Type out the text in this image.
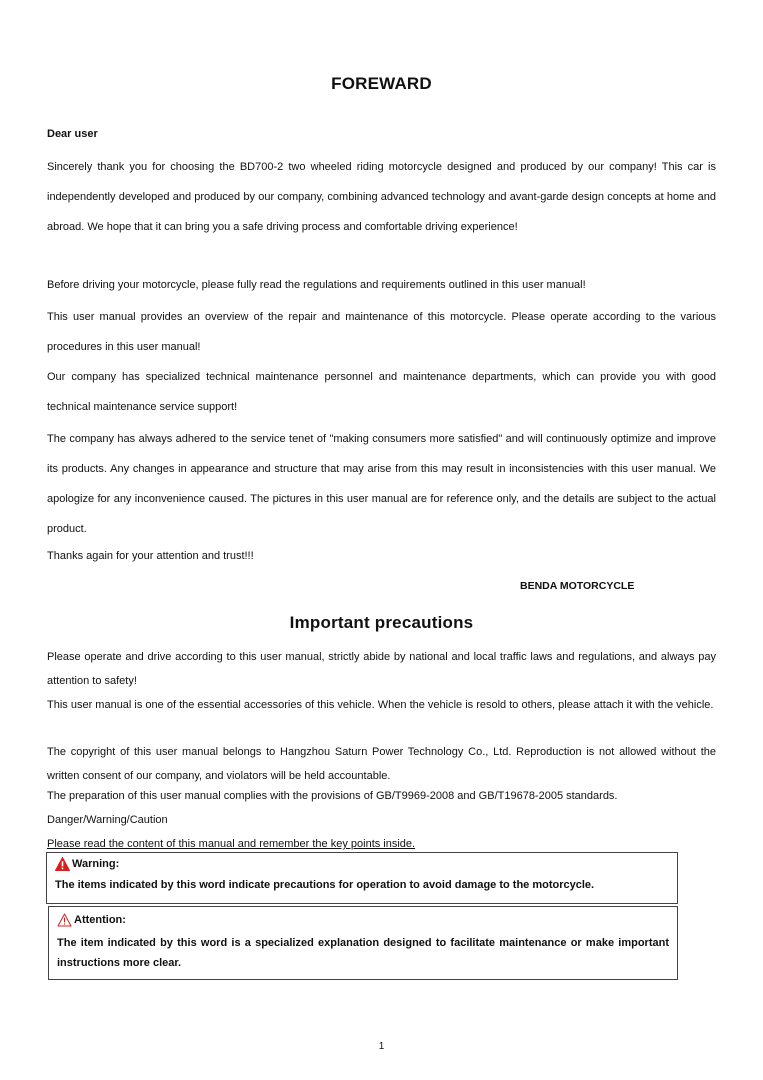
FOREWARD
Dear user
Sincerely thank you for choosing the BD700-2 two wheeled riding motorcycle designed and produced by our company! This car is independently developed and produced by our company, combining advanced technology and avant-garde design concepts at home and abroad. We hope that it can bring you a safe driving process and comfortable driving experience!
Before driving your motorcycle, please fully read the regulations and requirements outlined in this user manual!
This user manual provides an overview of the repair and maintenance of this motorcycle. Please operate according to the various procedures in this user manual!
Our company has specialized technical maintenance personnel and maintenance departments, which can provide you with good technical maintenance service support!
The company has always adhered to the service tenet of "making consumers more satisfied" and will continuously optimize and improve its products. Any changes in appearance and structure that may arise from this may result in inconsistencies with this user manual. We apologize for any inconvenience caused. The pictures in this user manual are for reference only, and the details are subject to the actual product.
Thanks again for your attention and trust!!!
BENDA MOTORCYCLE
Important precautions
Please operate and drive according to this user manual, strictly abide by national and local traffic laws and regulations, and always pay attention to safety!
This user manual is one of the essential accessories of this vehicle. When the vehicle is resold to others, please attach it with the vehicle.
The copyright of this user manual belongs to Hangzhou Saturn Power Technology Co., Ltd. Reproduction is not allowed without the written consent of our company, and violators will be held accountable.
The preparation of this user manual complies with the provisions of GB/T9969-2008 and GB/T19678-2005 standards.
Danger/Warning/Caution
Please read the content of this manual and remember the key points inside.
Warning:
The items indicated by this word indicate precautions for operation to avoid damage to the motorcycle.
Attention:
The item indicated by this word is a specialized explanation designed to facilitate maintenance or make important instructions more clear.
1
